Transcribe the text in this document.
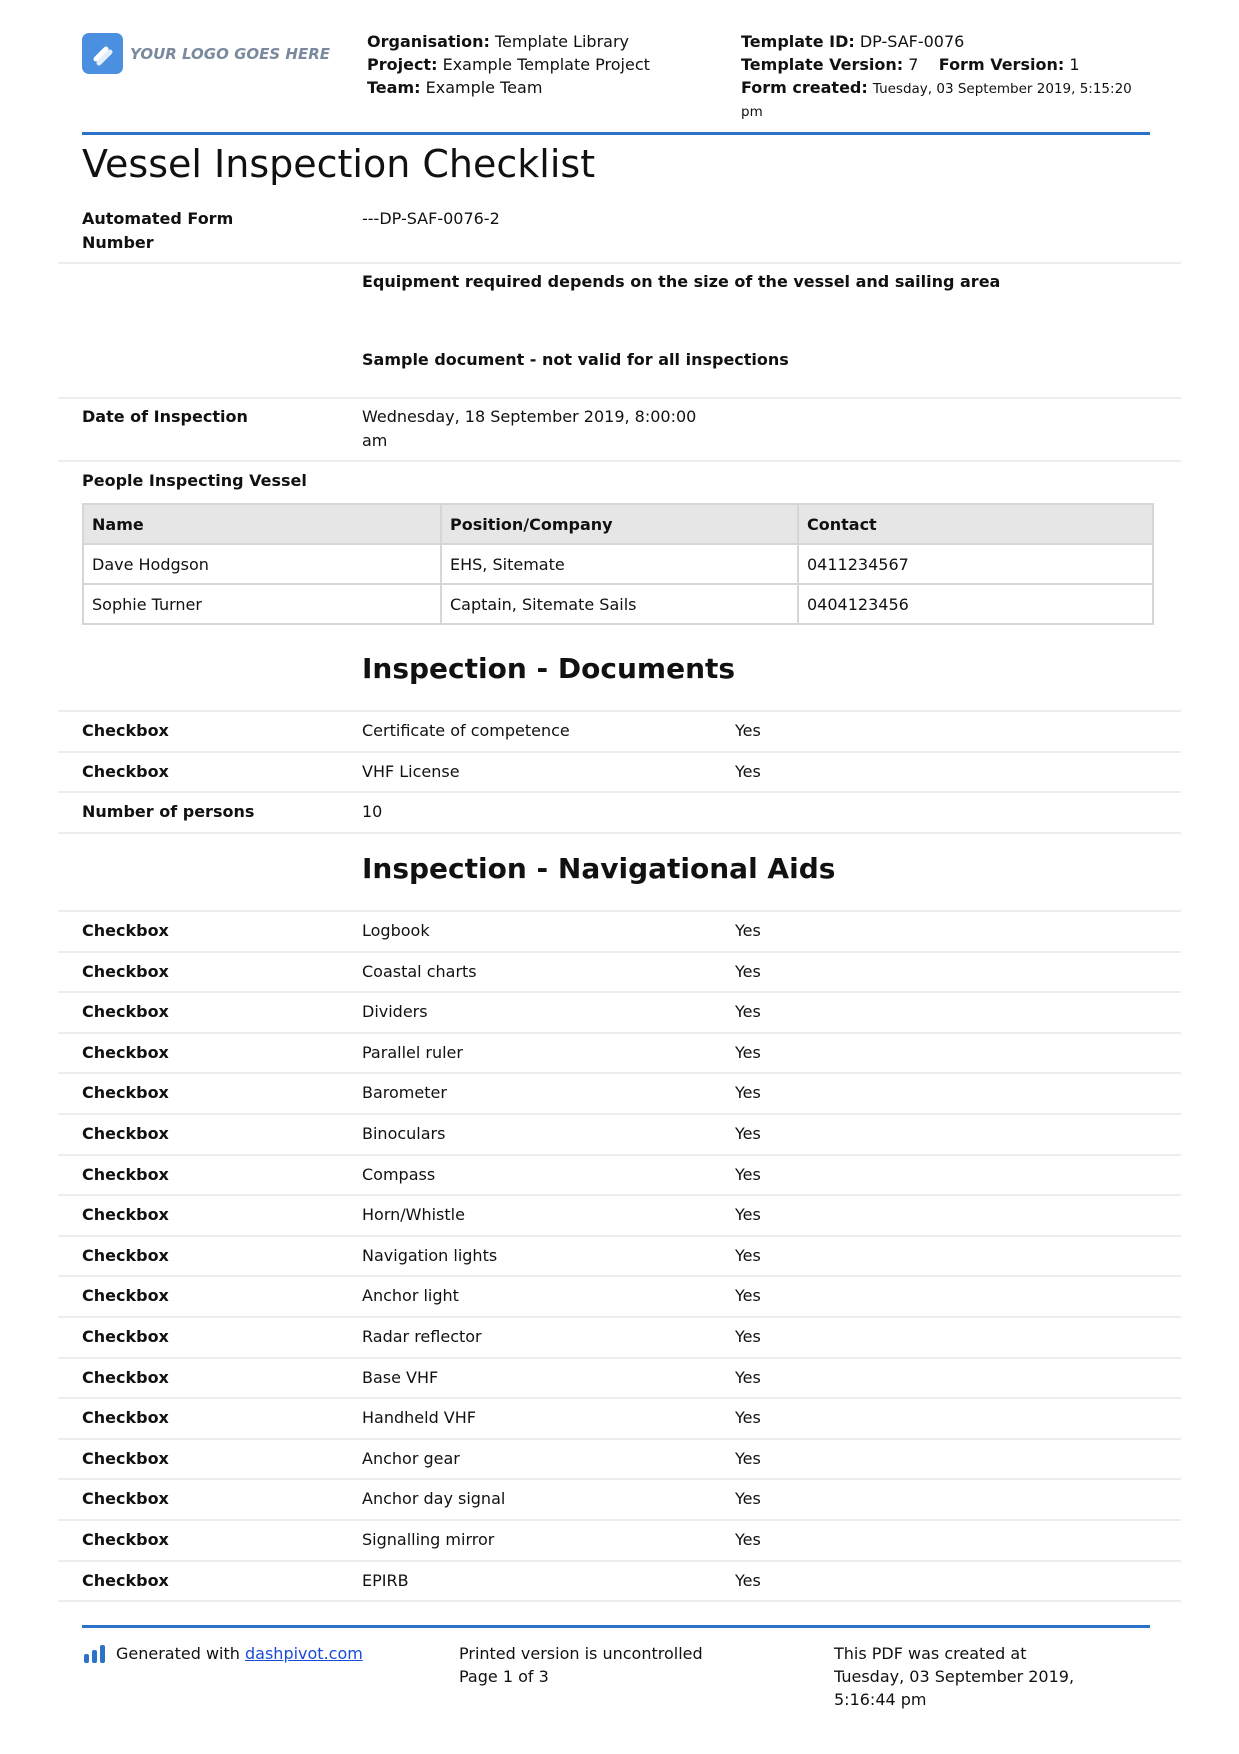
YOUR LOGO GOES HERE
Organisation: Template Library
Project: Example Template Project
Team: Example Team
Template ID: DP-SAF-0076
Template Version: 7 Form Version: 1
Form created: Tuesday, 03 September 2019, 5:15:20
pm
Vessel Inspection Checklist
Automated Form
Number
---DP-SAF-0076-2
Equipment required depends on the size of the vessel and sailing area
Sample document - not valid for all inspections
Date of Inspection	Wednesday, 18 September 2019, 8:00:00
am
People Inspecting Vessel
Name	Position/Company	Contact
Dave Hodgson	EHS, Sitemate	0411234567
Sophie Turner	Captain, Sitemate Sails	0404123456
Inspection - Documents
Checkbox	Certificate of competence	Yes
Checkbox	VHF License	Yes
Number of persons	10
Inspection - Navigational Aids
Checkbox	Logbook	Yes
Checkbox	Coastal charts	Yes
Checkbox	Dividers	Yes
Checkbox	Parallel ruler	Yes
Checkbox	Barometer	Yes
Checkbox	Binoculars	Yes
Checkbox	Compass	Yes
Checkbox	Horn/Whistle	Yes
Checkbox	Navigation lights	Yes
Checkbox	Anchor light	Yes
Checkbox	Radar reflector	Yes
Checkbox	Base VHF	Yes
Checkbox	Handheld VHF	Yes
Checkbox	Anchor gear	Yes
Checkbox	Anchor day signal	Yes
Checkbox	Signalling mirror	Yes
Checkbox	EPIRB	Yes
Generated with dashpivot.com	Printed version is uncontrolled
Page 1 of 3
This PDF was created at
Tuesday, 03 September 2019,
5:16:44 pm
